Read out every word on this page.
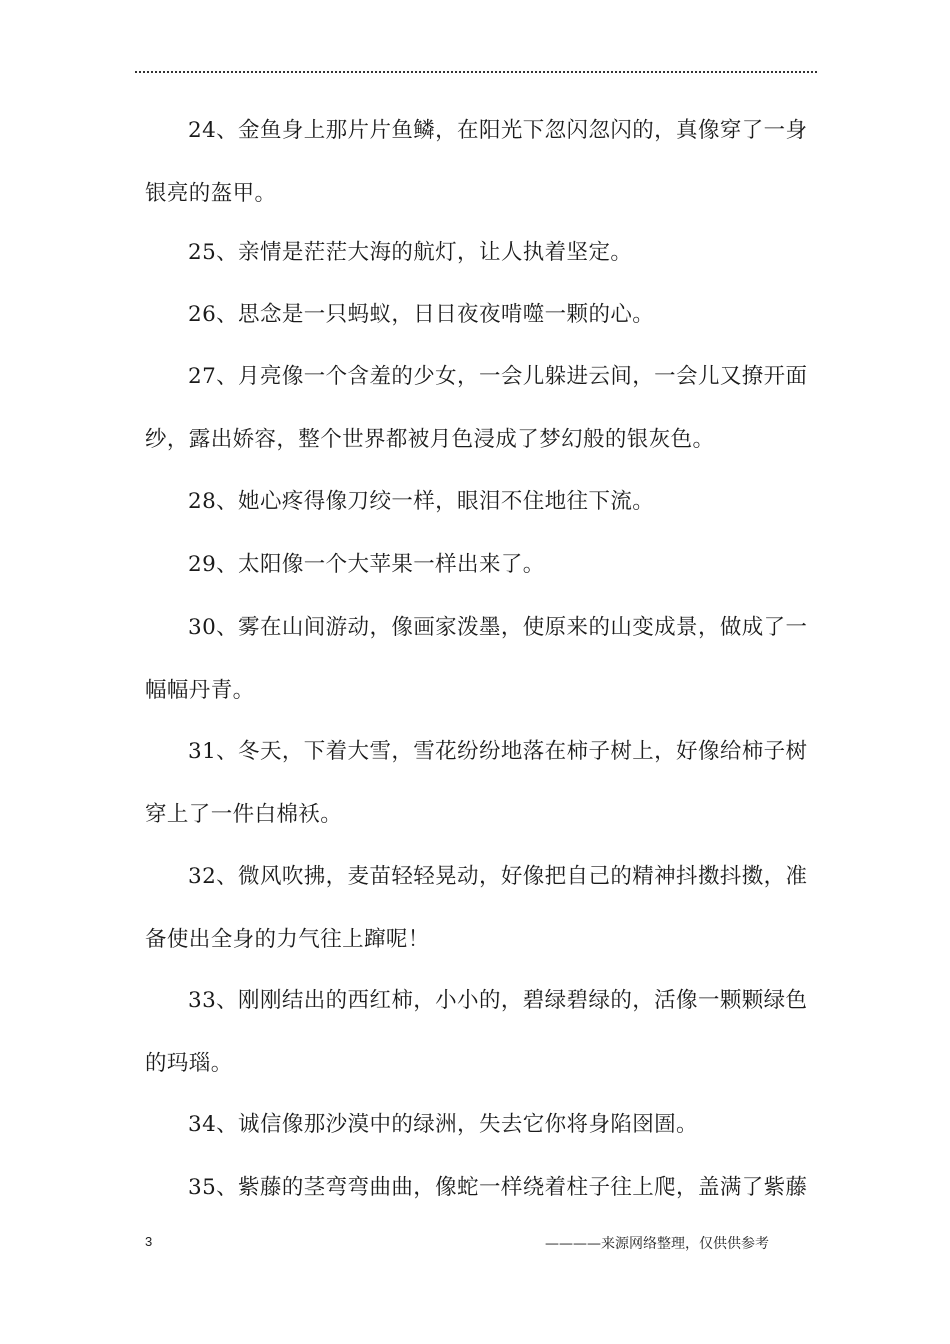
24、金鱼身上那片片鱼鳞，在阳光下忽闪忽闪的，真像穿了一身银亮的盔甲。

25、亲情是茫茫大海的航灯，让人执着坚定。

26、思念是一只蚂蚁，日日夜夜啃噬一颗的心。

27、月亮像一个含羞的少女，一会儿躲进云间，一会儿又撩开面纱，露出娇容，整个世界都被月色浸成了梦幻般的银灰色。

28、她心疼得像刀绞一样，眼泪不住地往下流。

29、太阳像一个大苹果一样出来了。

30、雾在山间游动，像画家泼墨，使原来的山变成景，做成了一幅幅丹青。

31、冬天，下着大雪，雪花纷纷地落在柿子树上，好像给柿子树穿上了一件白棉袄。

32、微风吹拂，麦苗轻轻晃动，好像把自己的精神抖擞抖擞，准备使出全身的力气往上蹿呢！

33、刚刚结出的西红柿，小小的，碧绿碧绿的，活像一颗颗绿色的玛瑙。

34、诚信像那沙漠中的绿洲，失去它你将身陷囹圄。

35、紫藤的茎弯弯曲曲，像蛇一样绕着柱子往上爬，盖满了紫藤

3	————来源网络整理，仅供供参考
